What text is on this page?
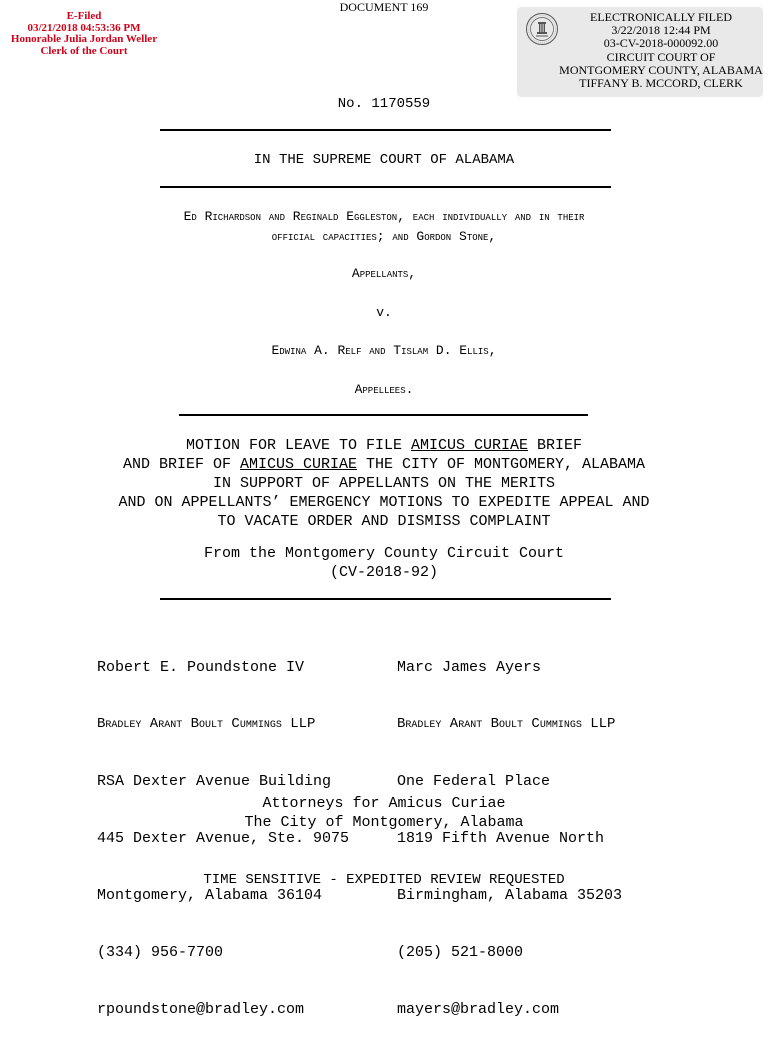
DOCUMENT 169
E-Filed
03/21/2018 04:53:36 PM
Honorable Julia Jordan Weller
Clerk of the Court
ELECTRONICALLY FILED
3/22/2018 12:44 PM
03-CV-2018-000092.00
CIRCUIT COURT OF
MONTGOMERY COUNTY, ALABAMA
TIFFANY B. MCCORD, CLERK
No. 1170559
IN THE SUPREME COURT OF ALABAMA
Ed Richardson and Reginald Eggleston, each individually and in their
official capacities; and Gordon Stone,
Appellants,
v.
Edwina A. Relf and Tislam D. Ellis,
Appellees.
MOTION FOR LEAVE TO FILE AMICUS CURIAE BRIEF
AND BRIEF OF AMICUS CURIAE THE CITY OF MONTGOMERY, ALABAMA
IN SUPPORT OF APPELLANTS ON THE MERITS
AND ON APPELLANTS’ EMERGENCY MOTIONS TO EXPEDITE APPEAL AND
TO VACATE ORDER AND DISMISS COMPLAINT
From the Montgomery County Circuit Court
(CV-2018-92)

Robert E. Poundstone IV

Bradley Arant Boult Cummings LLP

RSA Dexter Avenue Building

445 Dexter Avenue, Ste. 9075

Montgomery, Alabama 36104

(334) 956-7700

rpoundstone@bradley.com

Marc James Ayers

Bradley Arant Boult Cummings LLP

One Federal Place

1819 Fifth Avenue North

Birmingham, Alabama 35203

(205) 521-8000

mayers@bradley.com

Attorneys for Amicus Curiae
The City of Montgomery, Alabama
TIME SENSITIVE - EXPEDITED REVIEW REQUESTED
